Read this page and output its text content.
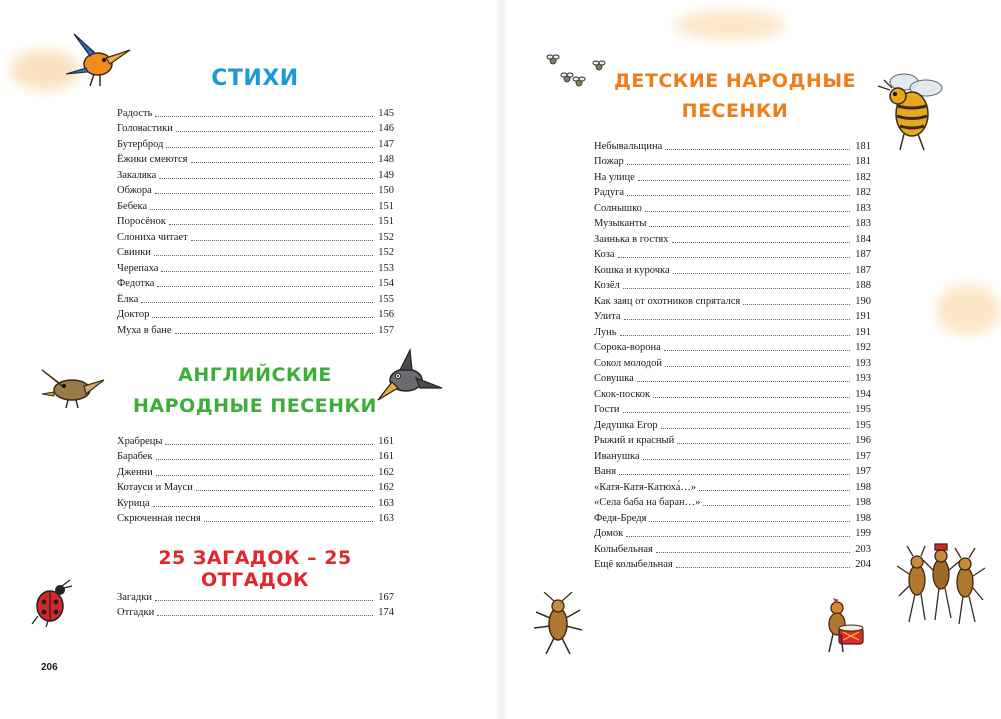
СТИХИ
Радость	145
Головастики	146
Бутерброд	147
Ёжики смеются	148
Закаляка	149
Обжора	150
Бебека	151
Поросёнок	151
Слониха читает	152
Свинки	152
Черепаха	153
Федотка	154
Ёлка	155
Доктор	156
Муха в бане	157
АНГЛИЙСКИЕ
НАРОДНЫЕ ПЕСЕНКИ
Храбрецы	161
Барабек	161
Дженни	162
Котауси и Мауси	162
Курица	163
Скрюченная песня	163
25 ЗАГАДОК – 25 ОТГАДОК
Загадки	167
Отгадки	174
206
ДЕТСКИЕ НАРОДНЫЕ
ПЕСЕНКИ
Небывальщина	181
Пожар	181
На улице	182
Радуга	182
Солнышко	183
Музыканты	183
Заинька в гостях	184
Коза	187
Кошка и курочка	187
Козёл	188
Как заяц от охотников спрятался	190
Улита	191
Лунь	191
Сорока-ворона	192
Сокол молодой	193
Совушка	193
Скок-поскок	194
Гости	195
Дедушка Егор	195
Рыжий и красный	196
Иванушка	197
Ваня	197
«Катя-Катя-Катюха́…»	198
«Села баба на баран…»	198
Федя-Бредя	198
Домок	199
Колыбельная	203
Ещё колыбельная	204
